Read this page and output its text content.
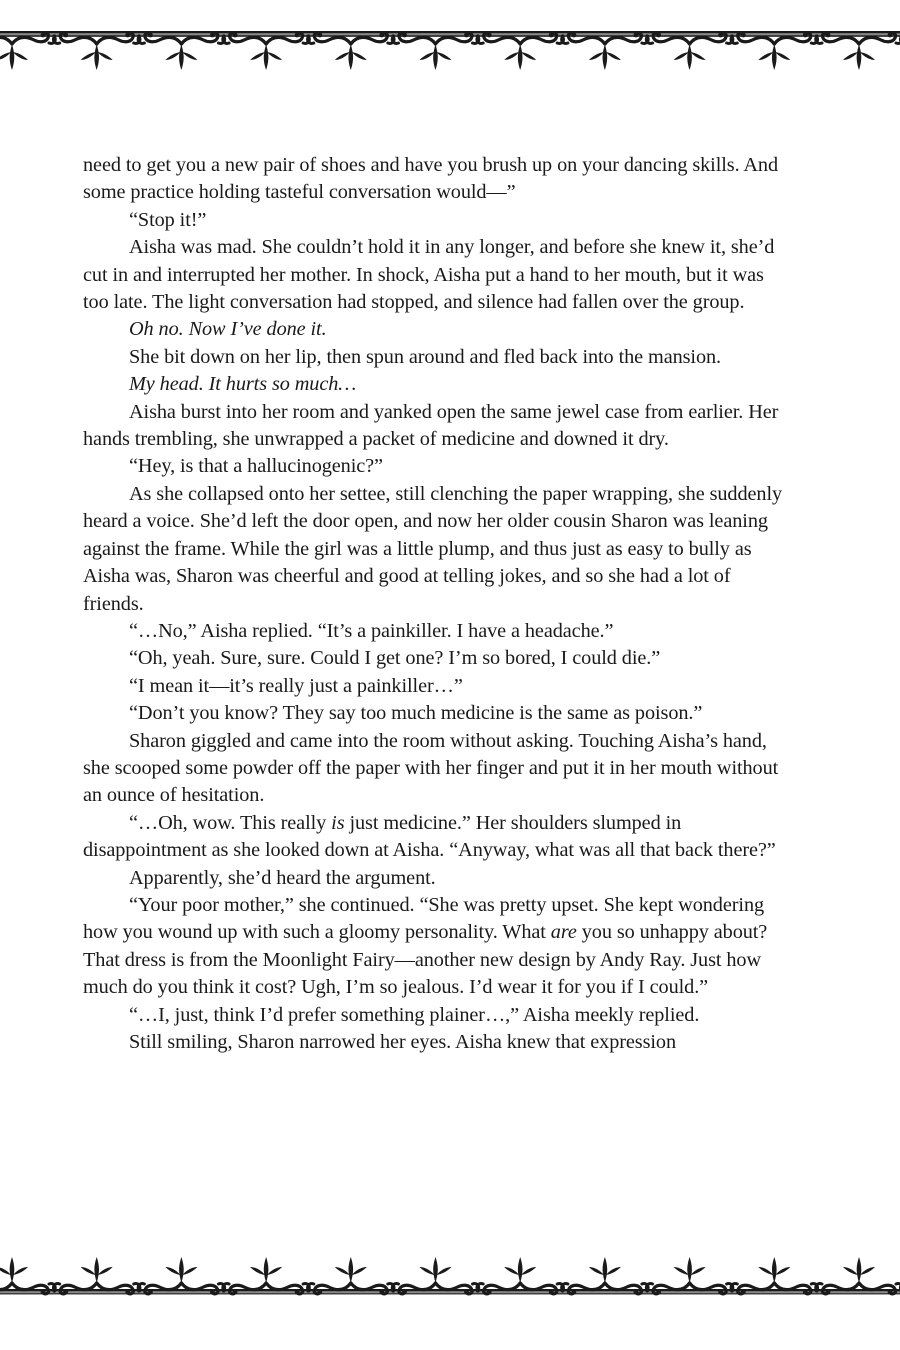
need to get you a new pair of shoes and have you brush up on your dancing skills. And some practice holding tasteful conversation would—”

“Stop it!”

Aisha was mad. She couldn’t hold it in any longer, and before she knew it, she’d cut in and interrupted her mother. In shock, Aisha put a hand to her mouth, but it was too late. The light conversation had stopped, and silence had fallen over the group.

Oh no. Now I’ve done it.

She bit down on her lip, then spun around and fled back into the mansion.

My head. It hurts so much…

Aisha burst into her room and yanked open the same jewel case from earlier. Her hands trembling, she unwrapped a packet of medicine and downed it dry.

“Hey, is that a hallucinogenic?”

As she collapsed onto her settee, still clenching the paper wrapping, she suddenly heard a voice. She’d left the door open, and now her older cousin Sharon was leaning against the frame. While the girl was a little plump, and thus just as easy to bully as Aisha was, Sharon was cheerful and good at telling jokes, and so she had a lot of friends.

“…No,” Aisha replied. “It’s a painkiller. I have a headache.”

“Oh, yeah. Sure, sure. Could I get one? I’m so bored, I could die.”

“I mean it—it’s really just a painkiller…”

“Don’t you know? They say too much medicine is the same as poison.”

Sharon giggled and came into the room without asking. Touching Aisha’s hand, she scooped some powder off the paper with her finger and put it in her mouth without an ounce of hesitation.

“…Oh, wow. This really is just medicine.” Her shoulders slumped in disappointment as she looked down at Aisha. “Anyway, what was all that back there?”

Apparently, she’d heard the argument.

“Your poor mother,” she continued. “She was pretty upset. She kept wondering how you wound up with such a gloomy personality. What are you so unhappy about? That dress is from the Moonlight Fairy—another new design by Andy Ray. Just how much do you think it cost? Ugh, I’m so jealous. I’d wear it for you if I could.”

“…I, just, think I’d prefer something plainer…,” Aisha meekly replied.

Still smiling, Sharon narrowed her eyes. Aisha knew that expression
